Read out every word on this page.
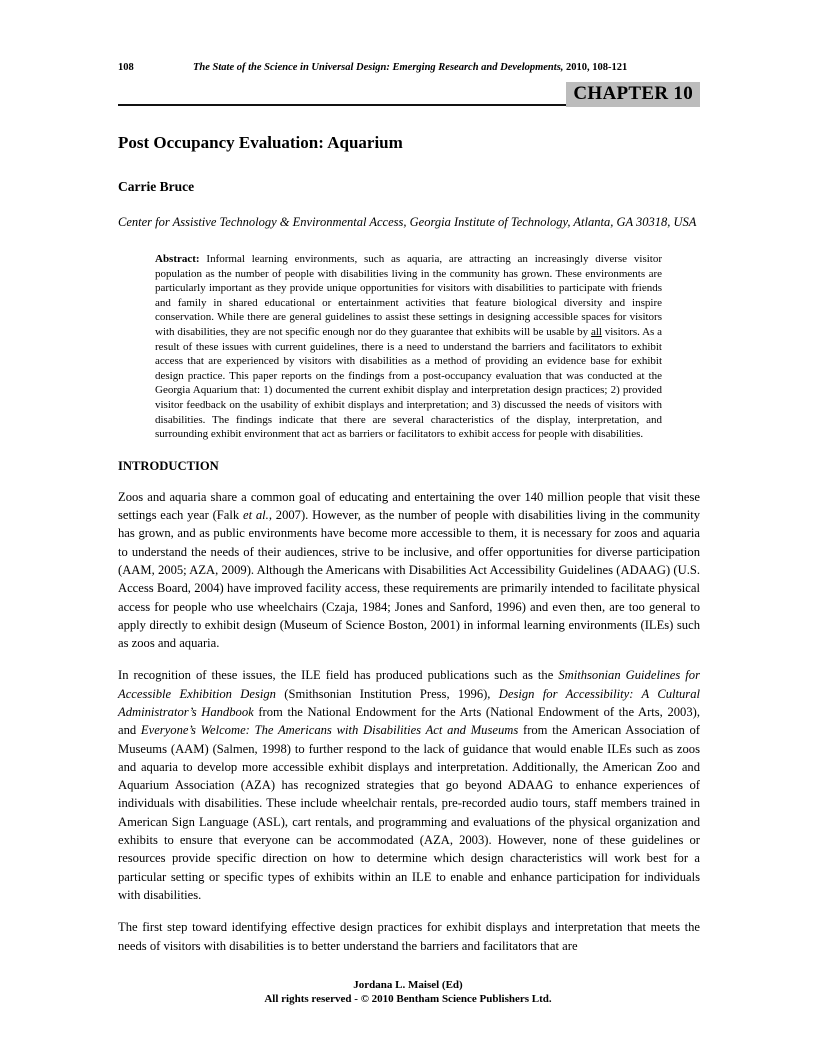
108	The State of the Science in Universal Design: Emerging Research and Developments, 2010, 108-121
CHAPTER 10
Post Occupancy Evaluation: Aquarium
Carrie Bruce
Center for Assistive Technology & Environmental Access, Georgia Institute of Technology, Atlanta, GA 30318, USA
Abstract: Informal learning environments, such as aquaria, are attracting an increasingly diverse visitor population as the number of people with disabilities living in the community has grown. These environments are particularly important as they provide unique opportunities for visitors with disabilities to participate with friends and family in shared educational or entertainment activities that feature biological diversity and inspire conservation. While there are general guidelines to assist these settings in designing accessible spaces for visitors with disabilities, they are not specific enough nor do they guarantee that exhibits will be usable by all visitors. As a result of these issues with current guidelines, there is a need to understand the barriers and facilitators to exhibit access that are experienced by visitors with disabilities as a method of providing an evidence base for exhibit design practice. This paper reports on the findings from a post-occupancy evaluation that was conducted at the Georgia Aquarium that: 1) documented the current exhibit display and interpretation design practices; 2) provided visitor feedback on the usability of exhibit displays and interpretation; and 3) discussed the needs of visitors with disabilities. The findings indicate that there are several characteristics of the display, interpretation, and surrounding exhibit environment that act as barriers or facilitators to exhibit access for people with disabilities.
INTRODUCTION

Zoos and aquaria share a common goal of educating and entertaining the over 140 million people that visit these settings each year (Falk et al., 2007). However, as the number of people with disabilities living in the community has grown, and as public environments have become more accessible to them, it is necessary for zoos and aquaria to understand the needs of their audiences, strive to be inclusive, and offer opportunities for diverse participation (AAM, 2005; AZA, 2009). Although the Americans with Disabilities Act Accessibility Guidelines (ADAAG) (U.S. Access Board, 2004) have improved facility access, these requirements are primarily intended to facilitate physical access for people who use wheelchairs (Czaja, 1984; Jones and Sanford, 1996) and even then, are too general to apply directly to exhibit design (Museum of Science Boston, 2001) in informal learning environments (ILEs) such as zoos and aquaria.

In recognition of these issues, the ILE field has produced publications such as the Smithsonian Guidelines for Accessible Exhibition Design (Smithsonian Institution Press, 1996), Design for Accessibility: A Cultural Administrator’s Handbook from the National Endowment for the Arts (National Endowment of the Arts, 2003), and Everyone’s Welcome: The Americans with Disabilities Act and Museums from the American Association of Museums (AAM) (Salmen, 1998) to further respond to the lack of guidance that would enable ILEs such as zoos and aquaria to develop more accessible exhibit displays and interpretation. Additionally, the American Zoo and Aquarium Association (AZA) has recognized strategies that go beyond ADAAG to enhance experiences of individuals with disabilities. These include wheelchair rentals, pre-recorded audio tours, staff members trained in American Sign Language (ASL), cart rentals, and programming and evaluations of the physical organization and exhibits to ensure that everyone can be accommodated (AZA, 2003). However, none of these guidelines or resources provide specific direction on how to determine which design characteristics will work best for a particular setting or specific types of exhibits within an ILE to enable and enhance participation for individuals with disabilities.

The first step toward identifying effective design practices for exhibit displays and interpretation that meets the needs of visitors with disabilities is to better understand the barriers and facilitators that are

Jordana L. Maisel (Ed)
All rights reserved - © 2010 Bentham Science Publishers Ltd.
